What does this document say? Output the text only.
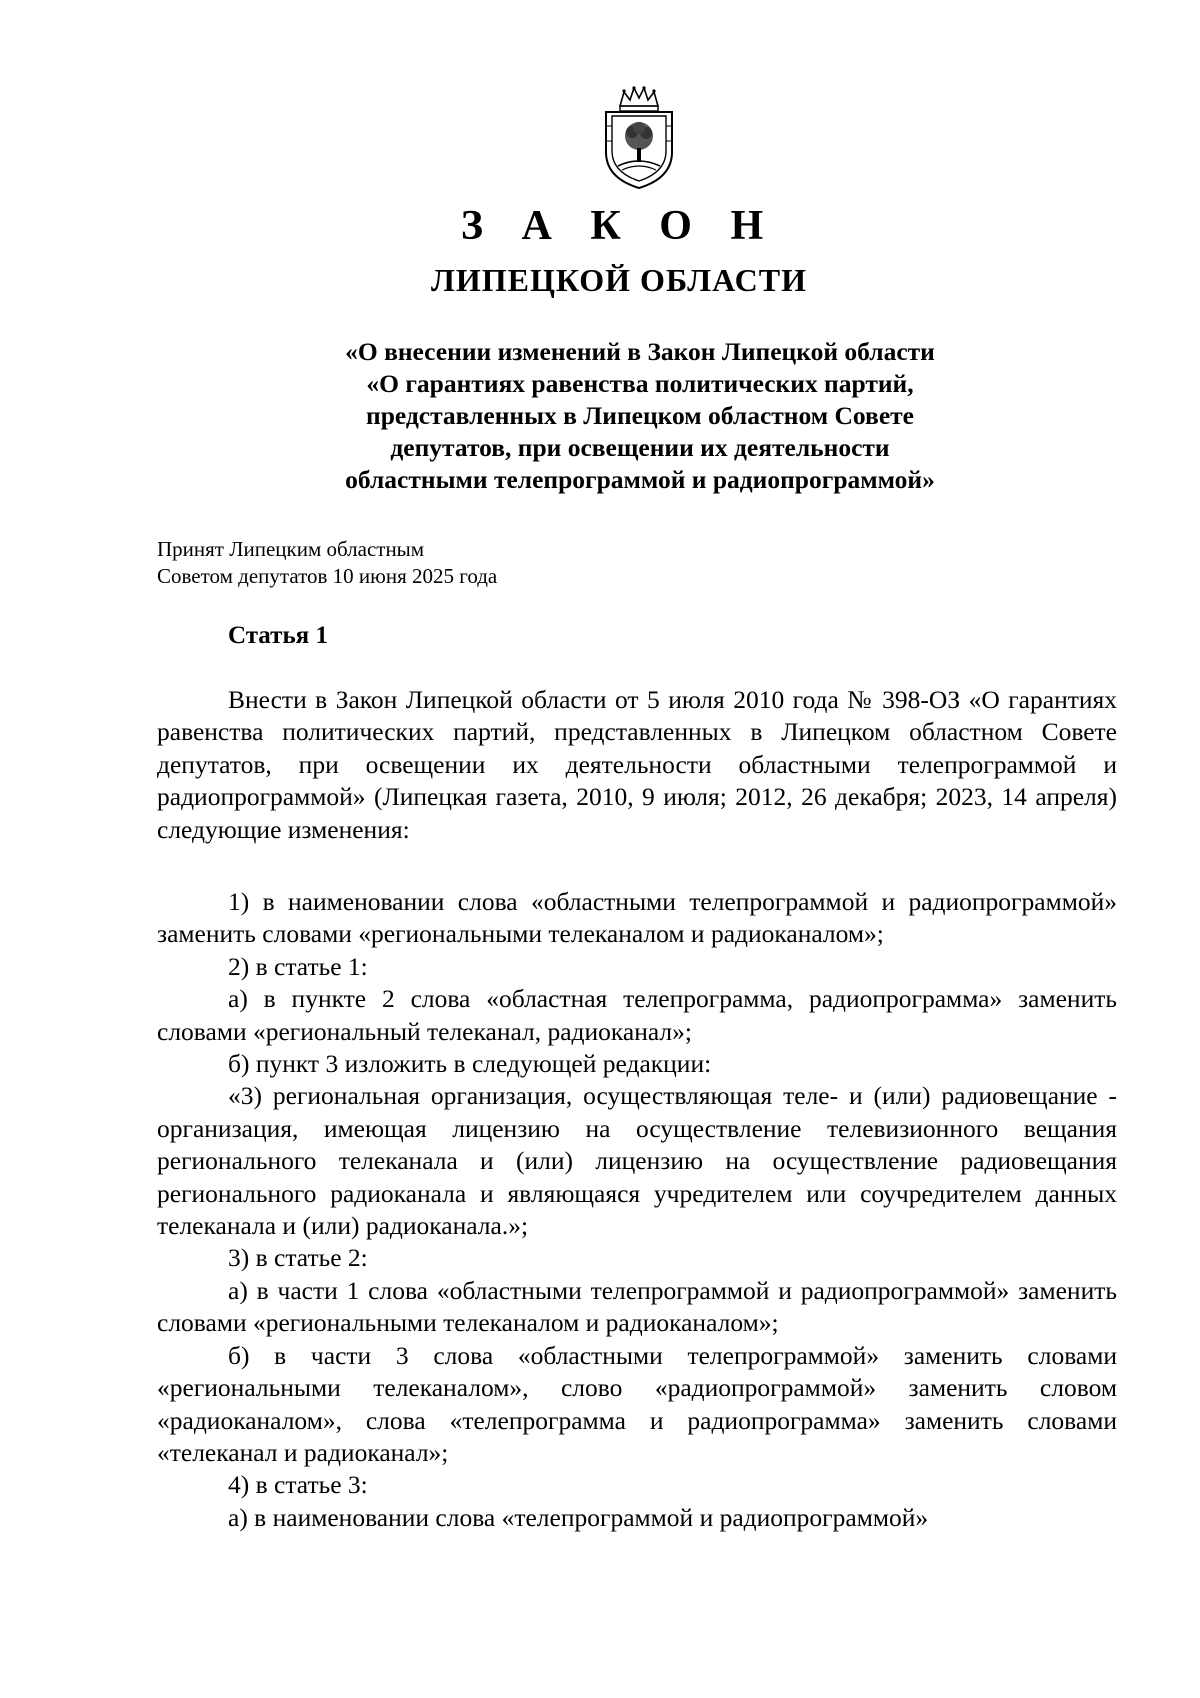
З А К О Н
ЛИПЕЦКОЙ ОБЛАСТИ
«О внесении изменений в Закон Липецкой области
«О гарантиях равенства политических партий,
представленных в Липецком областном Совете
депутатов, при освещении их деятельности
областными телепрограммой и радиопрограммой»
Принят Липецким областным
Советом депутатов 10 июня 2025 года
Статья 1

Внести в Закон Липецкой области от 5 июля 2010 года № 398-ОЗ «О гарантиях равенства политических партий, представленных в Липецком областном Совете депутатов, при освещении их деятельности областными телепрограммой и радиопрограммой» (Липецкая газета, 2010, 9 июля; 2012, 26 декабря; 2023, 14 апреля) следующие изменения:

1) в наименовании слова «областными телепрограммой и радиопрограммой» заменить словами «региональными телеканалом и радиоканалом»;

2) в статье 1:

а) в пункте 2 слова «областная телепрограмма, радиопрограмма» заменить словами «региональный телеканал, радиоканал»;

б) пункт 3 изложить в следующей редакции:

«3) региональная организация, осуществляющая теле- и (или) радиовещание - организация, имеющая лицензию на осуществление телевизионного вещания регионального телеканала и (или) лицензию на осуществление радиовещания регионального радиоканала и являющаяся учредителем или соучредителем данных телеканала и (или) радиоканала.»;

3) в статье 2:

а) в части 1 слова «областными телепрограммой и радиопрограммой» заменить словами «региональными телеканалом и радиоканалом»;

б) в части 3 слова «областными телепрограммой» заменить словами «региональными телеканалом», слово «радиопрограммой» заменить словом «радиоканалом», слова «телепрограмма и радиопрограмма» заменить словами «телеканал и радиоканал»;

4) в статье 3:

а) в наименовании слова «телепрограммой и радиопрограммой»
